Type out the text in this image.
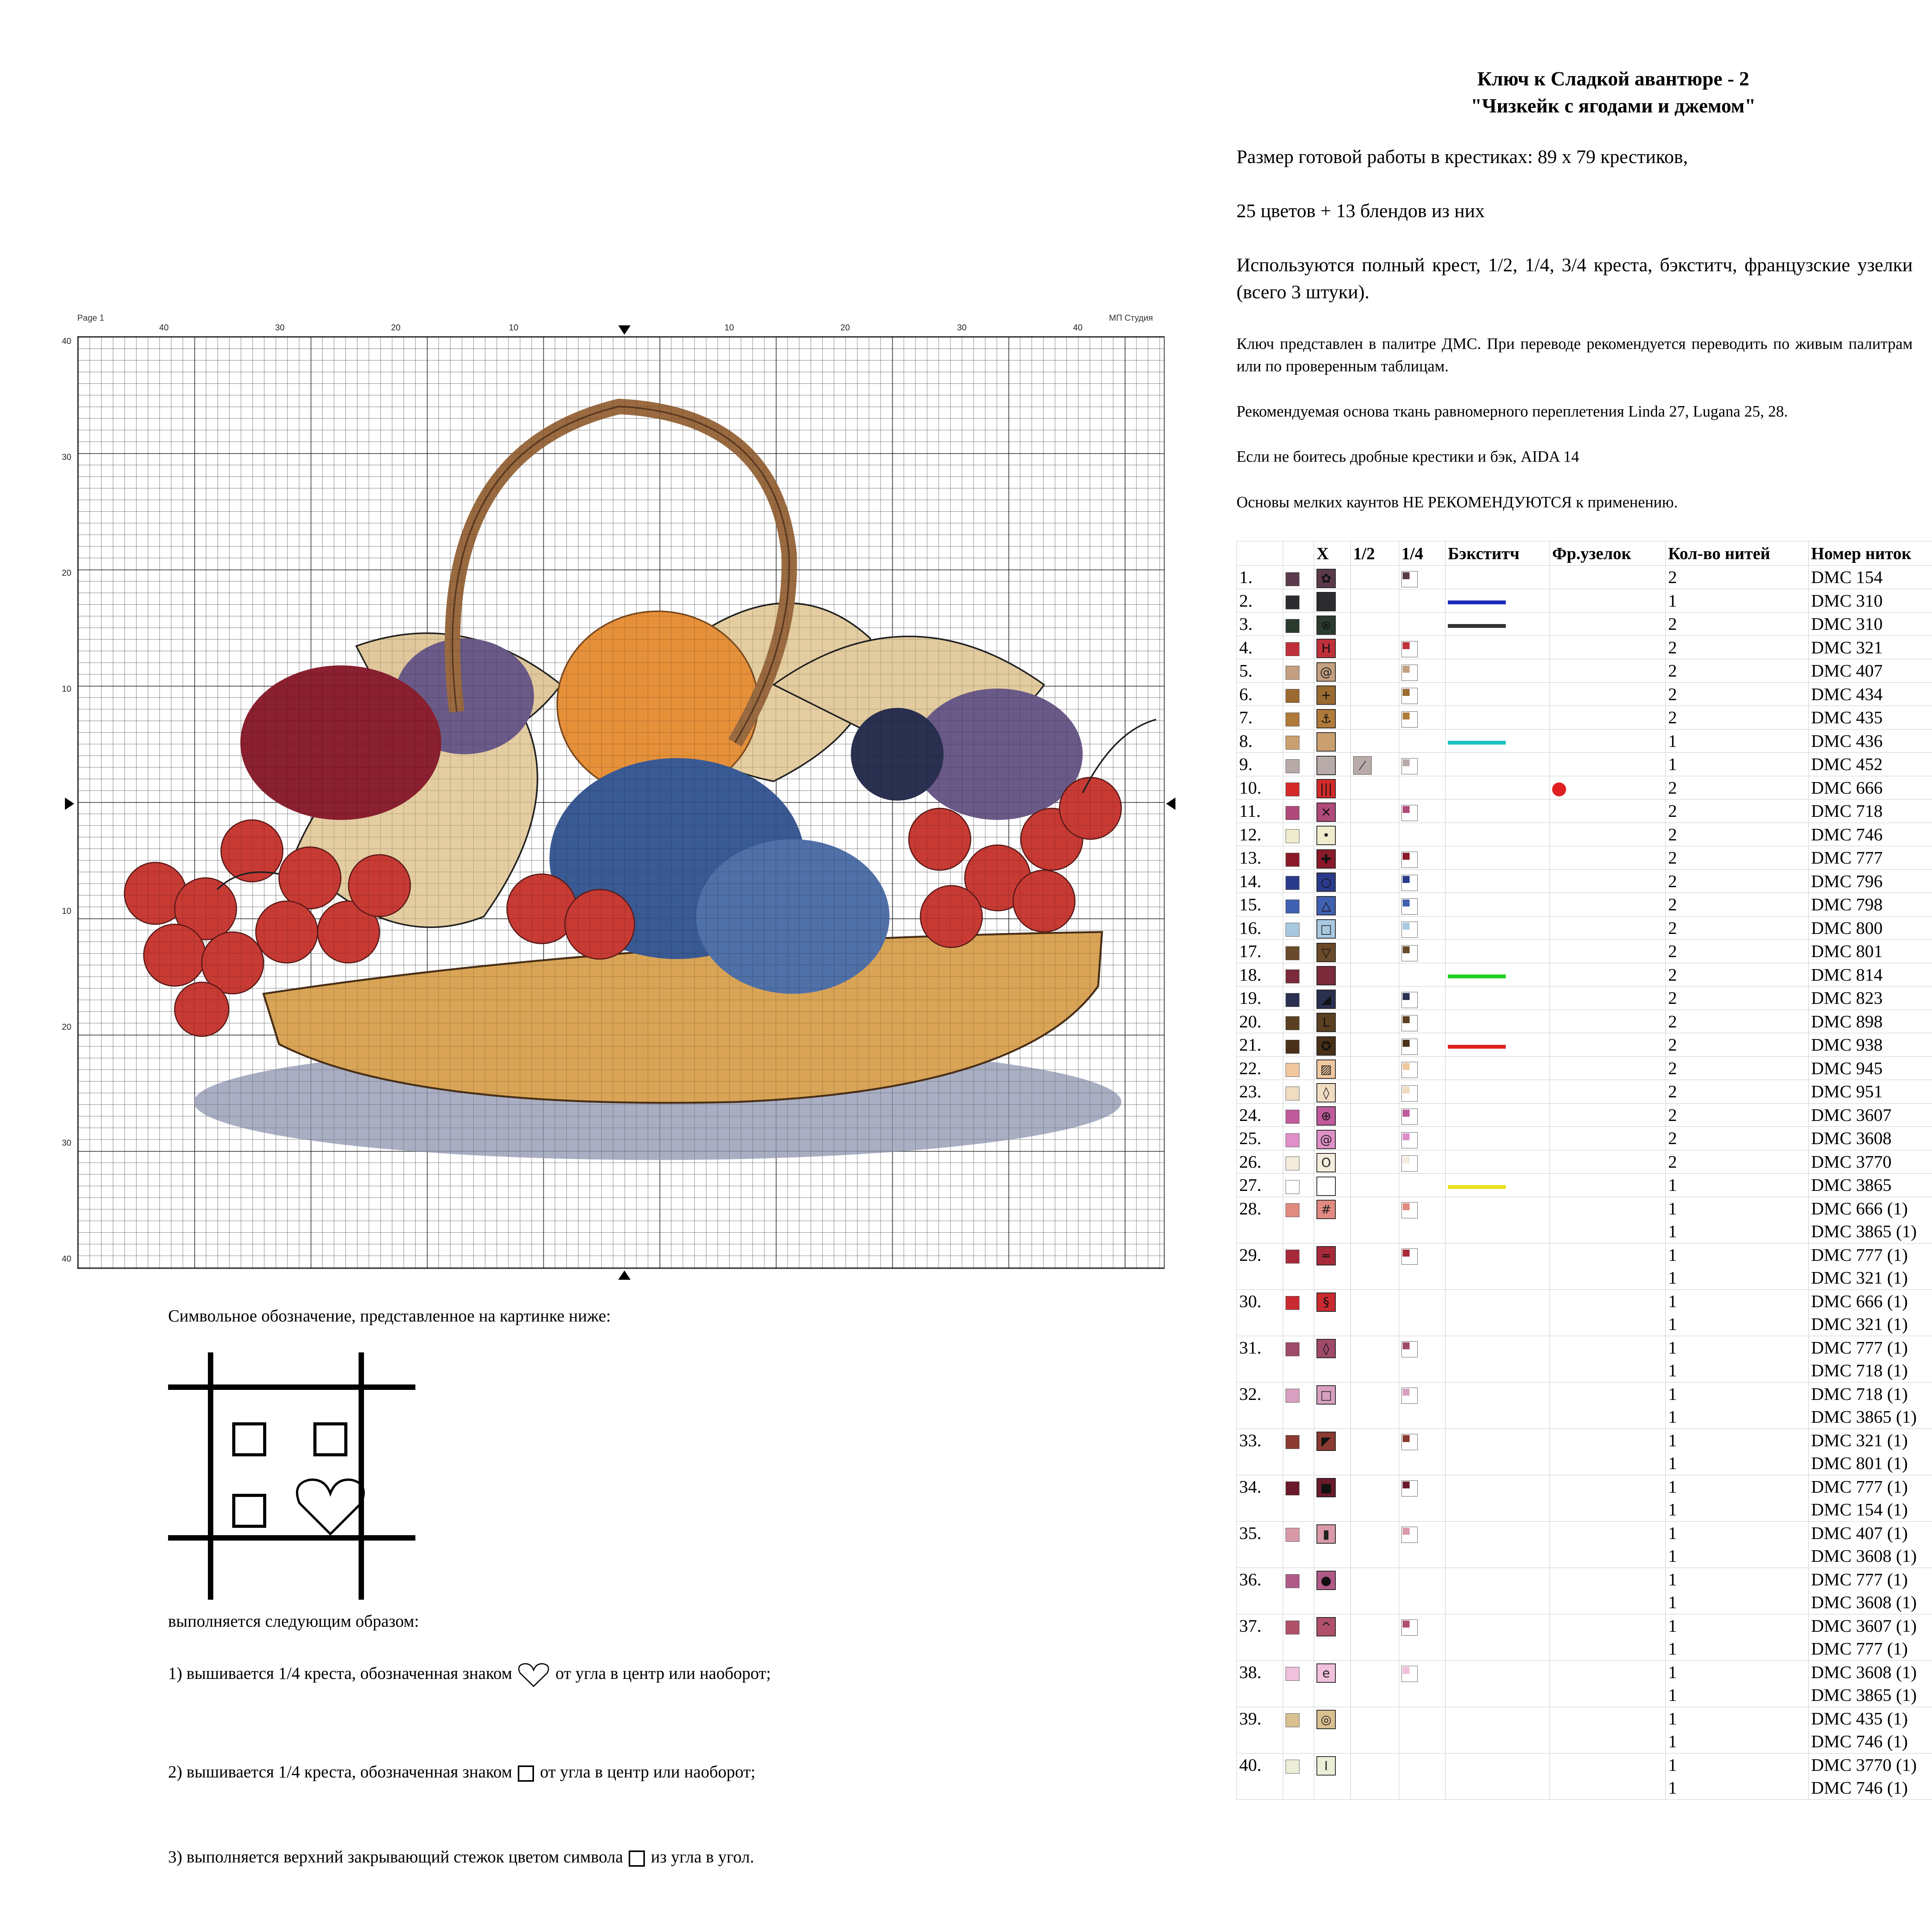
Page 1	МП Студия
40	30	20	10	10	20	30	40
40
30
20
10
10
20
30
40
Ключ к Сладкой авантюре - 2
"Чизкейк с ягодами и джемом"
Размер готовой работы в крестиках: 89 х 79 крестиков,
25 цветов + 13 блендов из них
Используются полный крест, 1/2, 1/4, 3/4 креста, бэкститч, французские узелки (всего 3 штуки).
Ключ представлен в палитре ДМС. При переводе рекомендуется переводить по живым палитрам или по проверенным таблицам.
Рекомендуемая основа ткань равномерного переплетения Linda 27, Lugana 25, 28.
Если не боитесь дробные крестики и бэк, AIDA 14
Основы мелких каунтов НЕ РЕКОМЕНДУЮТСЯ к применению.
		X	1/2	1/4	Бэкститч	Фр.узелок	Кол-во нитей	Номер ниток
1.		✿					2	DMC 154
2.							1	DMC 310
3.		⊗					2	DMC 310
4.		H					2	DMC 321
5.		@					2	DMC 407
6.		+					2	DMC 434
7.		⚓					2	DMC 435
8.							1	DMC 436
9.			⁄				1	DMC 452
10.		|||					2	DMC 666
11.		✕					2	DMC 718
12.		•					2	DMC 746
13.		✚					2	DMC 777
14.		○					2	DMC 796
15.		△					2	DMC 798
16.		□					2	DMC 800
17.		▽					2	DMC 801
18.							2	DMC 814
19.		◢					2	DMC 823
20.		L					2	DMC 898
21.		✪					2	DMC 938
22.		▨					2	DMC 945
23.		◊					2	DMC 951
24.		⊕					2	DMC 3607
25.		@					2	DMC 3608
26.		O					2	DMC 3770
27.							1	DMC 3865
28.		#					1	DMC 666 (1)
							1	DMC 3865 (1)
29.		═					1	DMC 777 (1)
							1	DMC 321 (1)
30.		§					1	DMC 666 (1)
							1	DMC 321 (1)
31.		◊					1	DMC 777 (1)
							1	DMC 718 (1)
32.		□					1	DMC 718 (1)
							1	DMC 3865 (1)
33.		◤					1	DMC 321 (1)
							1	DMC 801 (1)
34.		■					1	DMC 777 (1)
							1	DMC 154 (1)
35.		▮					1	DMC 407 (1)
							1	DMC 3608 (1)
36.		●					1	DMC 777 (1)
							1	DMC 3608 (1)
37.		^					1	DMC 3607 (1)
							1	DMC 777 (1)
38.		e					1	DMC 3608 (1)
							1	DMC 3865 (1)
39.		◎					1	DMC 435 (1)
							1	DMC 746 (1)
40.		I					1	DMC 3770 (1)
							1	DMC 746 (1)
Символьное обозначение, представленное на картинке ниже:
выполняется следующим образом:
1) вышивается 1/4 креста, обозначенная знаком	от угла в центр или наоборот;
2) вышивается 1/4 креста, обозначенная знаком от угла в центр или наоборот;
3) выполняется верхний закрывающий стежок цветом символа из угла в угол.
